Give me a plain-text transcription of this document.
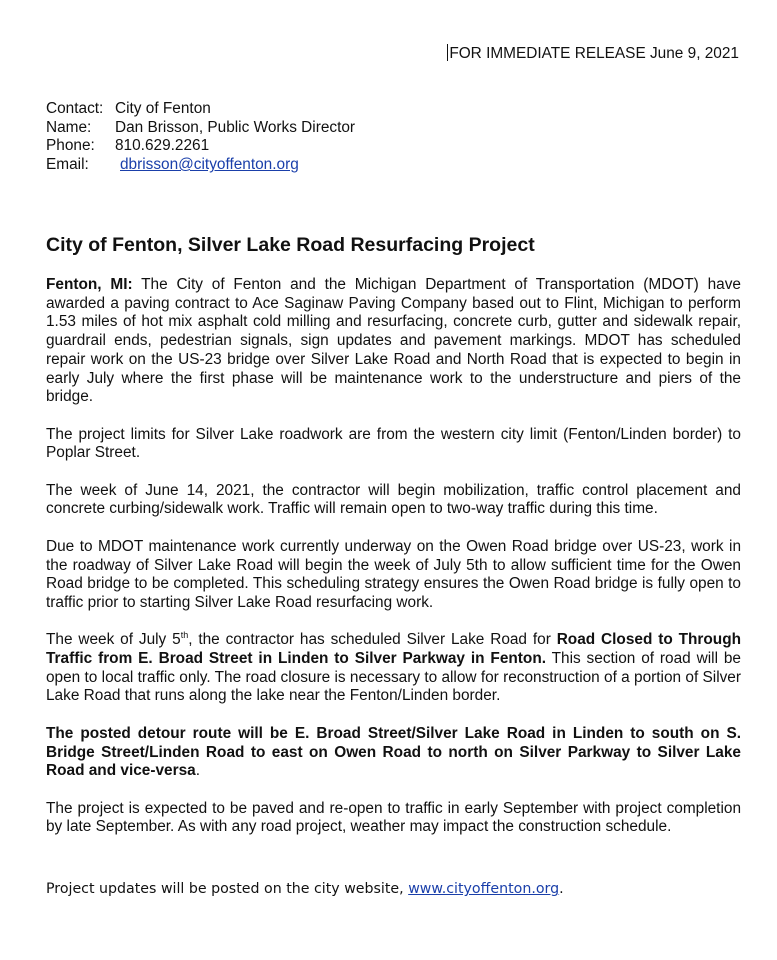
FOR IMMEDIATE RELEASE June 9, 2021
Contact: City of Fenton
Name:	Dan Brisson, Public Works Director
Phone:	810.629.2261
Email:	dbrisson@cityoffenton.org
City of Fenton, Silver Lake Road Resurfacing Project

Fenton, MI: The City of Fenton and the Michigan Department of Transportation (MDOT) have awarded a paving contract to Ace Saginaw Paving Company based out to Flint, Michigan to perform 1.53 miles of hot mix asphalt cold milling and resurfacing, concrete curb, gutter and sidewalk repair, guardrail ends, pedestrian signals, sign updates and pavement markings. MDOT has scheduled repair work on the US-23 bridge over Silver Lake Road and North Road that is expected to begin in early July where the first phase will be maintenance work to the understructure and piers of the bridge.

The project limits for Silver Lake roadwork are from the western city limit (Fenton/Linden border) to Poplar Street.

The week of June 14, 2021, the contractor will begin mobilization, traffic control placement and concrete curbing/sidewalk work. Traffic will remain open to two-way traffic during this time.

Due to MDOT maintenance work currently underway on the Owen Road bridge over US-23, work in the roadway of Silver Lake Road will begin the week of July 5th to allow sufficient time for the Owen Road bridge to be completed. This scheduling strategy ensures the Owen Road bridge is fully open to traffic prior to starting Silver Lake Road resurfacing work.

The week of July 5th, the contractor has scheduled Silver Lake Road for Road Closed to Through Traffic from E. Broad Street in Linden to Silver Parkway in Fenton. This section of road will be open to local traffic only. The road closure is necessary to allow for reconstruction of a portion of Silver Lake Road that runs along the lake near the Fenton/Linden border.

The posted detour route will be E. Broad Street/Silver Lake Road in Linden to south on S. Bridge Street/Linden Road to east on Owen Road to north on Silver Parkway to Silver Lake Road and vice-versa.

The project is expected to be paved and re-open to traffic in early September with project completion by late September. As with any road project, weather may impact the construction schedule.

Project updates will be posted on the city website, www.cityoffenton.org.
